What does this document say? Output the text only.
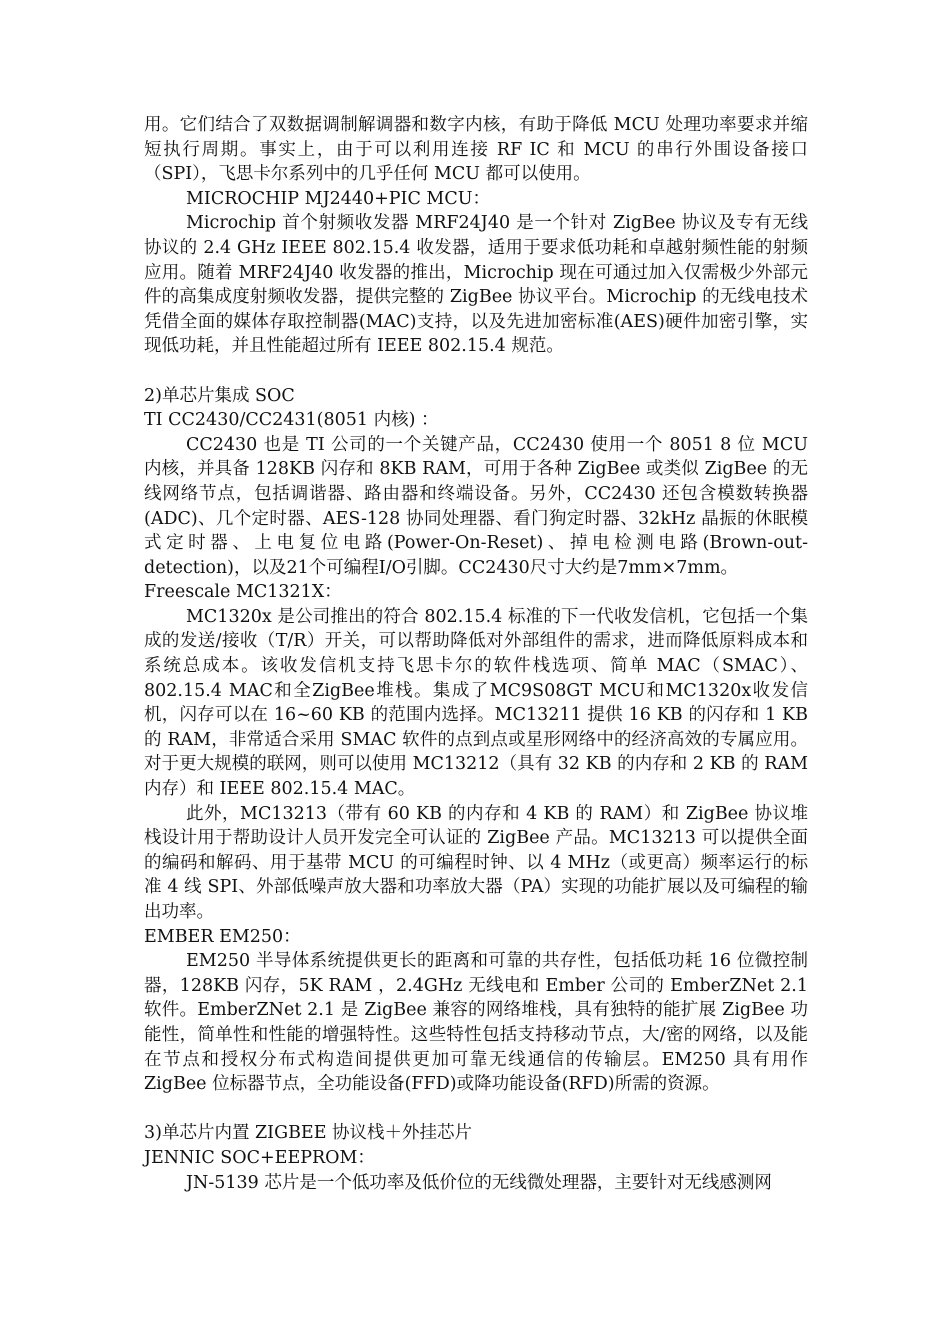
用。它们结合了双数据调制解调器和数字内核，有助于降低 MCU 处理功率要求并缩短执行周期。事实上，由于可以利用连接 RF IC 和 MCU 的串行外围设备接口（SPI），飞思卡尔系列中的几乎任何 MCU 都可以使用。

MICROCHIP MJ2440+PIC MCU：

Microchip 首个射频收发器 MRF24J40 是一个针对 ZigBee 协议及专有无线协议的 2.4 GHz IEEE 802.15.4 收发器，适用于要求低功耗和卓越射频性能的射频应用。随着 MRF24J40 收发器的推出，Microchip 现在可通过加入仅需极少外部元件的高集成度射频收发器，提供完整的 ZigBee 协议平台。Microchip 的无线电技术凭借全面的媒体存取控制器(MAC)支持，以及先进加密标准(AES)硬件加密引擎，实现低功耗，并且性能超过所有 IEEE 802.15.4 规范。

2)单芯片集成 SOC

TI CC2430/CC2431(8051 内核) ：

CC2430 也是 TI 公司的一个关键产品，CC2430 使用一个 8051 8 位 MCU 内核，并具备 128KB 闪存和 8KB RAM，可用于各种 ZigBee 或类似 ZigBee 的无线网络节点，包括调谐器、路由器和终端设备。另外，CC2430 还包含模数转换器(ADC)、几个定时器、AES-128 协同处理器、看门狗定时器、32kHz 晶振的休眠模式定时器、上电复位电路(Power-On-Reset)、掉电检测电路(Brown-out-detection)，以及21个可编程I/O引脚。CC2430尺寸大约是7mm×7mm。

Freescale MC1321X：

MC1320x 是公司推出的符合 802.15.4 标准的下一代收发信机，它包括一个集成的发送/接收（T/R）开关，可以帮助降低对外部组件的需求，进而降低原料成本和系统总成本。该收发信机支持飞思卡尔的软件栈选项、简单 MAC（SMAC）、802.15.4 MAC和全ZigBee堆栈。集成了MC9S08GT MCU和MC1320x收发信机，闪存可以在 16~60 KB 的范围内选择。MC13211 提供 16 KB 的闪存和 1 KB 的 RAM，非常适合采用 SMAC 软件的点到点或星形网络中的经济高效的专属应用。对于更大规模的联网，则可以使用 MC13212（具有 32 KB 的内存和 2 KB 的 RAM 内存）和 IEEE 802.15.4 MAC。

此外，MC13213（带有 60 KB 的内存和 4 KB 的 RAM）和 ZigBee 协议堆栈设计用于帮助设计人员开发完全可认证的 ZigBee 产品。MC13213 可以提供全面的编码和解码、用于基带 MCU 的可编程时钟、以 4 MHz（或更高）频率运行的标准 4 线 SPI、外部低噪声放大器和功率放大器（PA）实现的功能扩展以及可编程的输出功率。

EMBER EM250：

EM250 半导体系统提供更长的距离和可靠的共存性，包括低功耗 16 位微控制器，128KB 闪存，5K RAM ，2.4GHz 无线电和 Ember 公司的 EmberZNet 2.1 软件。EmberZNet 2.1 是 ZigBee 兼容的网络堆栈，具有独特的能扩展 ZigBee 功能性，简单性和性能的增强特性。这些特性包括支持移动节点，大/密的网络，以及能在节点和授权分布式构造间提供更加可靠无线通信的传输层。EM250 具有用作 ZigBee 位标器节点，全功能设备(FFD)或降功能设备(RFD)所需的资源。

3)单芯片内置 ZIGBEE 协议栈＋外挂芯片

JENNIC SOC+EEPROM：

JN-5139 芯片是一个低功率及低价位的无线微处理器，主要针对无线感测网
